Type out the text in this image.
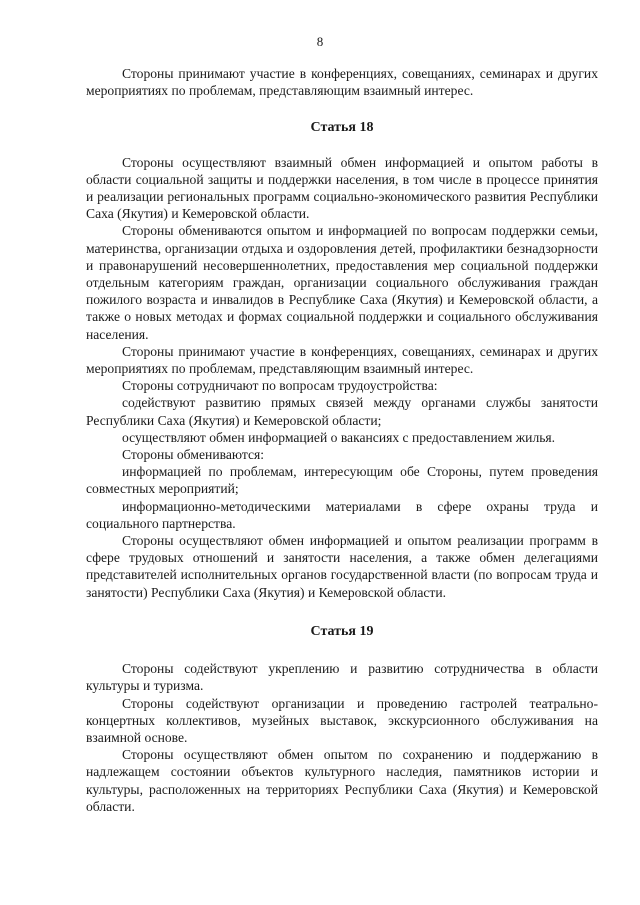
8

Стороны принимают участие в конференциях, совещаниях, семинарах и других мероприятиях по проблемам, представляющим взаимный интерес.

Статья 18

Стороны осуществляют взаимный обмен информацией и опытом работы в области социальной защиты и поддержки населения, в том числе в процессе принятия и реализации региональных программ социально-экономического развития Республики Саха (Якутия) и Кемеровской области.

Стороны обмениваются опытом и информацией по вопросам поддержки семьи, материнства, организации отдыха и оздоровления детей, профилактики безнадзорности и правонарушений несовершеннолетних, предоставления мер социальной поддержки отдельным категориям граждан, организации социального обслуживания граждан пожилого возраста и инвалидов в Республике Саха (Якутия) и Кемеровской области, а также о новых методах и формах социальной поддержки и социального обслуживания населения.

Стороны принимают участие в конференциях, совещаниях, семинарах и других мероприятиях по проблемам, представляющим взаимный интерес.

Стороны сотрудничают по вопросам трудоустройства:

содействуют развитию прямых связей между органами службы занятости Республики Саха (Якутия) и Кемеровской области;

осуществляют обмен информацией о вакансиях с предоставлением жилья.

Стороны обмениваются:

информацией по проблемам, интересующим обе Стороны, путем проведения совместных мероприятий;

информационно-методическими материалами в сфере охраны труда и социального партнерства.

Стороны осуществляют обмен информацией и опытом реализации программ в сфере трудовых отношений и занятости населения, а также обмен делегациями представителей исполнительных органов государственной власти (по вопросам труда и занятости) Республики Саха (Якутия) и Кемеровской области.

Статья 19

Стороны содействуют укреплению и развитию сотрудничества в области культуры и туризма.

Стороны содействуют организации и проведению гастролей театрально-концертных коллективов, музейных выставок, экскурсионного обслуживания на взаимной основе.

Стороны осуществляют обмен опытом по сохранению и поддержанию в надлежащем состоянии объектов культурного наследия, памятников истории и культуры, расположенных на территориях Республики Саха (Якутия) и Кемеровской области.
